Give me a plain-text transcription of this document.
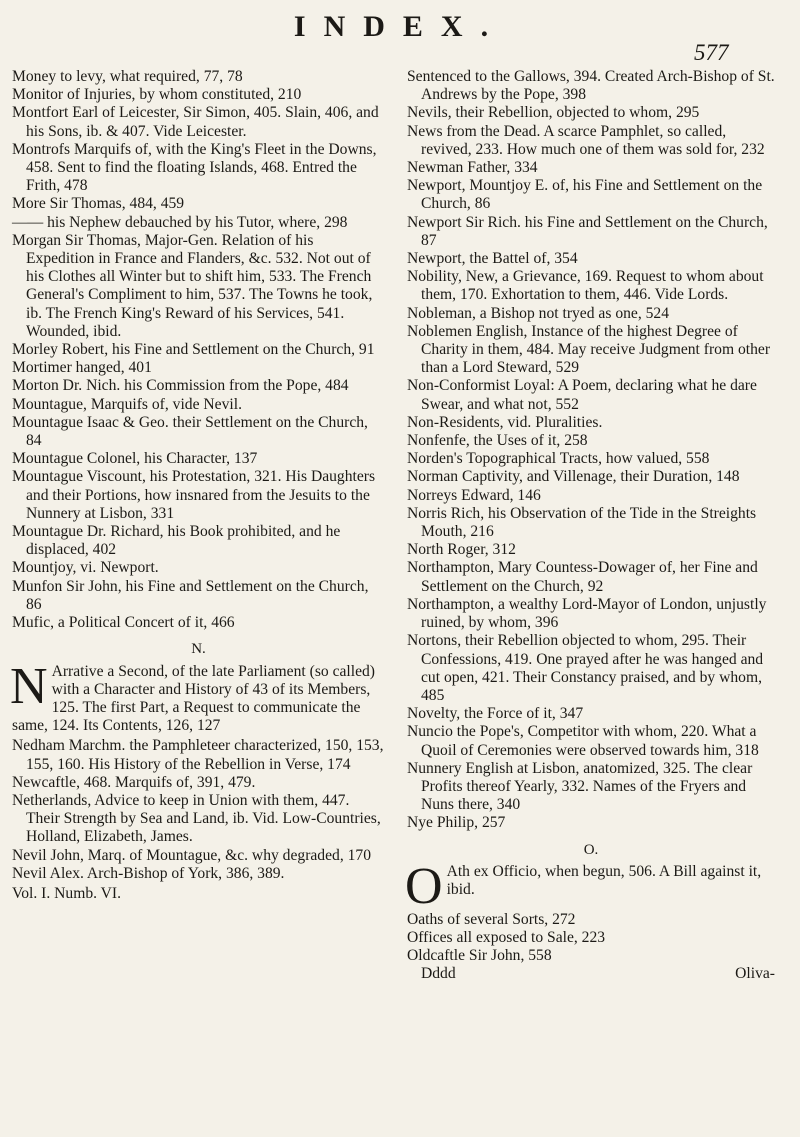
INDEX.
577

Money to levy, what required, 77, 78

Monitor of Injuries, by whom constituted, 210

Montfort Earl of Leicester, Sir Simon, 405. Slain, 406, and his Sons, ib. & 407. Vide Leicester.

Montrofs Marquifs of, with the King's Fleet in the Downs, 458. Sent to find the floating Islands, 468. Entred the Frith, 478

More Sir Thomas, 484, 459

—— his Nephew debauched by his Tutor, where, 298

Morgan Sir Thomas, Major-Gen. Relation of his Expedition in France and Flanders, &c. 532. Not out of his Clothes all Winter but to shift him, 533. The French General's Compliment to him, 537. The Towns he took, ib. The French King's Reward of his Services, 541. Wounded, ibid.

Morley Robert, his Fine and Settlement on the Church, 91

Mortimer hanged, 401

Morton Dr. Nich. his Commission from the Pope, 484

Mountague, Marquifs of, vide Nevil.

Mountague Isaac & Geo. their Settlement on the Church, 84

Mountague Colonel, his Character, 137

Mountague Viscount, his Protestation, 321. His Daughters and their Portions, how insnared from the Jesuits to the Nunnery at Lisbon, 331

Mountague Dr. Richard, his Book prohibited, and he displaced, 402

Mountjoy, vi. Newport.

Munfon Sir John, his Fine and Settlement on the Church, 86

Mufic, a Political Concert of it, 466

N.
N Arrative a Second, of the late Parliament (so called) with a Character and History of 43 of its Members, 125. The first Part, a Request to communicate the same, 124. Its Contents, 126, 127

Nedham Marchm. the Pamphleteer characterized, 150, 153, 155, 160. His History of the Rebellion in Verse, 174

Newcaftle, 468. Marquifs of, 391, 479.

Netherlands, Advice to keep in Union with them, 447. Their Strength by Sea and Land, ib. Vid. Low-Countries, Holland, Elizabeth, James.

Nevil John, Marq. of Mountague, &c. why degraded, 170

Nevil Alex. Arch-Bishop of York, 386, 389.

Vol. I. Numb. VI.

Sentenced to the Gallows, 394. Created Arch-Bishop of St. Andrews by the Pope, 398

Nevils, their Rebellion, objected to whom, 295

News from the Dead. A scarce Pamphlet, so called, revived, 233. How much one of them was sold for, 232

Newman Father, 334

Newport, Mountjoy E. of, his Fine and Settlement on the Church, 86

Newport Sir Rich. his Fine and Settlement on the Church, 87

Newport, the Battel of, 354

Nobility, New, a Grievance, 169. Request to whom about them, 170. Exhortation to them, 446. Vide Lords.

Nobleman, a Bishop not tryed as one, 524

Noblemen English, Instance of the highest Degree of Charity in them, 484. May receive Judgment from other than a Lord Steward, 529

Non-Conformist Loyal: A Poem, declaring what he dare Swear, and what not, 552

Non-Residents, vid. Pluralities.

Nonfenfe, the Uses of it, 258

Norden's Topographical Tracts, how valued, 558

Norman Captivity, and Villenage, their Duration, 148

Norreys Edward, 146

Norris Rich, his Observation of the Tide in the Streights Mouth, 216

North Roger, 312

Northampton, Mary Countess-Dowager of, her Fine and Settlement on the Church, 92

Northampton, a wealthy Lord-Mayor of London, unjustly ruined, by whom, 396

Nortons, their Rebellion objected to whom, 295. Their Confessions, 419. One prayed after he was hanged and cut open, 421. Their Constancy praised, and by whom, 485

Novelty, the Force of it, 347

Nuncio the Pope's, Competitor with whom, 220. What a Quoil of Ceremonies were observed towards him, 318

Nunnery English at Lisbon, anatomized, 325. The clear Profits thereof Yearly, 332. Names of the Fryers and Nuns there, 340

Nye Philip, 257

O.
O Ath ex Officio, when begun, 506. A Bill against it, ibid.

Oaths of several Sorts, 272

Offices all exposed to Sale, 223

Oldcaftle Sir John, 558

Dddd	Oliva-
